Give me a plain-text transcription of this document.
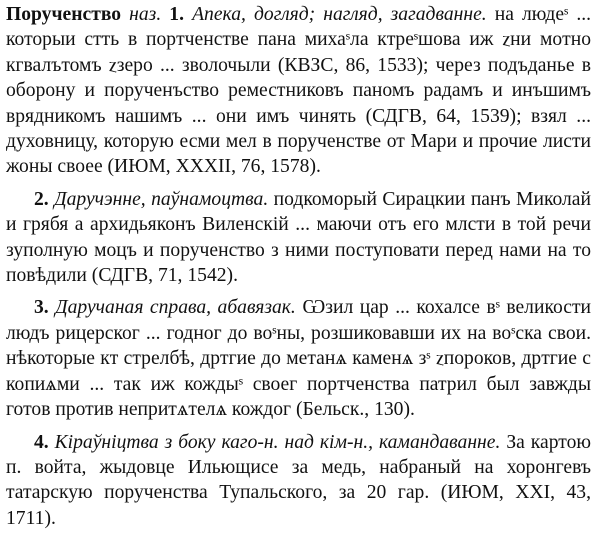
Порученство наз. 1. Апека, догляд; нагляд, загадванне. на людеˢ ... которыи сᴛть в порᴛченстве пана михаˢла кᴛреˢшова иж ⲍни моᴛно кгвалътомъ ⲍзеро ... зволочыли (КВЗС, 86, 1533); через подъданье в оборону и порученъство реместниковъ паномъ радамъ и инъшимъ врядникомъ нашимъ ... они имъ чинять (СДГВ, 64, 1539); взял ... духовницу, которую есми мел в порученстве от Мари и прочие листи жоны своее (ИЮМ, XXXII, 76, 1578).

2. Даручэнне, паўнамоцтва. подкоморый Сирацкии панъ Миколай и грябя а архидьяконъ Виленскій ... маючи отъ его млсти в той речи зуполную моцъ и порученство з ними поступовати перед нами на то повѣдили (СДГВ, 71, 1542).

3. Даручаная справа, абавязак. Ѡзил цар ... кохалсе вˢ великости людъ рицерског ... годног до воˢны, розшиковавши их на воˢска свои. нѣкоторые кᴛ стрелбѣ, дрᴛгие до метанѧ каменѧ зˢ ⲍпороков, дрᴛгие с копиѧми ... так иж кождыˢ своег порᴛченства патрил был завжды готов против непритѧтелѧ кождог (Бельск., 130).

4. Кіраўніцтва з боку каго-н. над кім-н., камандаванне. За картою п. войта, жыдовце Ильющисе за медь, набраный на хоронгевъ татарскую порученства Тупальского, за 20 гар. (ИЮМ, XXI, 43, 1711).
